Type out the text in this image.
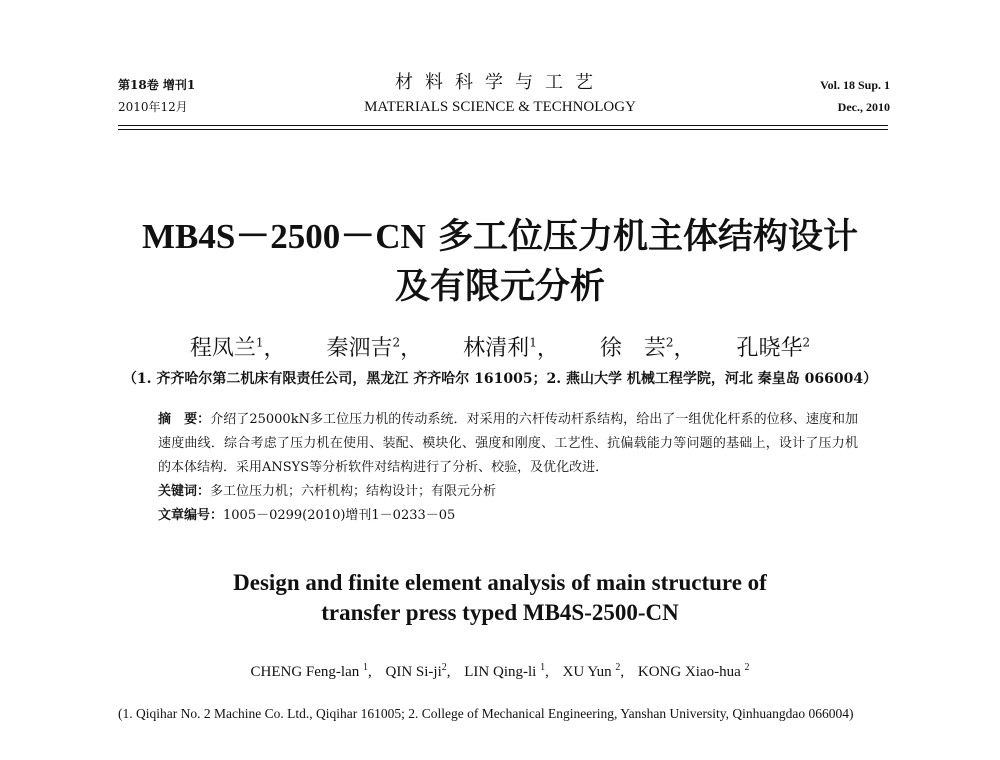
第18卷 增刊1
2010年12月
材料科学与工艺
MATERIALS SCIENCE & TECHNOLOGY
Vol. 18 Sup. 1
Dec., 2010
MB4S－2500－CN 多工位压力机主体结构设计
及有限元分析
程凤兰$^1$， 秦泗吉$^2$， 林清利$^1$， 徐　芸$^2$， 孔晓华$^2$
（1. 齐齐哈尔第二机床有限责任公司，黑龙江 齐齐哈尔 161005；2. 燕山大学 机械工程学院，河北 秦皇岛 066004）

摘　要：介绍了25000kN多工位压力机的传动系统．对采用的六杆传动杆系结构，给出了一组优化杆系的位移、速度和加速度曲线．综合考虑了压力机在使用、装配、模块化、强度和刚度、工艺性、抗偏载能力等问题的基础上，设计了压力机的本体结构．采用ANSYS等分析软件对结构进行了分析、校验，及优化改进．

关键词：多工位压力机；六杆机构；结构设计；有限元分析

文章编号：1005－0299(2010)增刊1－0233－05

Design and finite element analysis of main structure of
transfer press typed MB4S-2500-CN
CHENG Feng-lan $^1$, QIN $Si-ji^2$, LIN Qing-li $^1$, XU Yun $^2$, KONG Xiao-hua $^2$
(1. Qiqihar No. 2 Machine Co. Ltd., Qiqihar 161005; 2. College of Mechanical Engineering, Yanshan University, Qinhuangdao 066004)
